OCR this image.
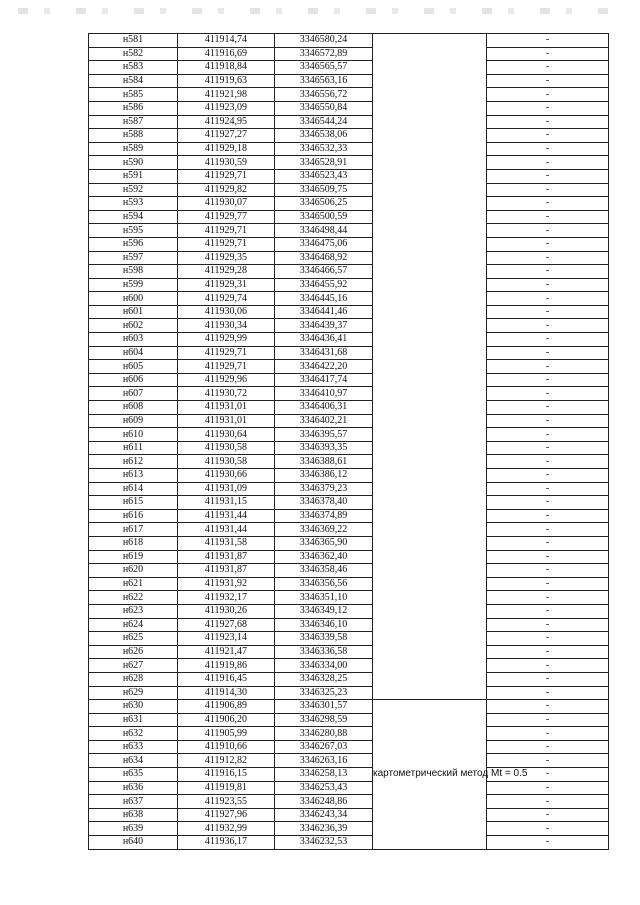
н581	411914,74	3346580,24		-
н582	411916,69	3346572,89		-
н583	411918,84	3346565,57		-
н584	411919,63	3346563,16		-
н585	411921,98	3346556,72		-
н586	411923,09	3346550,84		-
н587	411924,95	3346544,24		-
н588	411927,27	3346538,06		-
н589	411929,18	3346532,33		-
н590	411930,59	3346528,91		-
н591	411929,71	3346523,43		-
н592	411929,82	3346509,75		-
н593	411930,07	3346506,25		-
н594	411929,77	3346500,59		-
н595	411929,71	3346498,44		-
н596	411929,71	3346475,06		-
н597	411929,35	3346468,92		-
н598	411929,28	3346466,57		-
н599	411929,31	3346455,92		-
н600	411929,74	3346445,16		-
н601	411930,06	3346441,46		-
н602	411930,34	3346439,37		-
н603	411929,99	3346436,41		-
н604	411929,71	3346431,68		-
н605	411929,71	3346422,20		-
н606	411929,96	3346417,74		-
н607	411930,72	3346410,97		-
н608	411931,01	3346406,31		-
н609	411931,01	3346402,21		-
н610	411930,64	3346395,57		-
н611	411930,58	3346393,35		-
н612	411930,58	3346388,61		-
н613	411930,66	3346386,12		-
н614	411931,09	3346379,23		-
н615	411931,15	3346378,40		-
н616	411931,44	3346374,89		-
н617	411931,44	3346369,22		-
н618	411931,58	3346365,90		-
н619	411931,87	3346362,40		-
н620	411931,87	3346358,46		-
н621	411931,92	3346356,56		-
н622	411932,17	3346351,10		-
н623	411930,26	3346349,12		-
н624	411927,68	3346346,10		-
н625	411923,14	3346339,58		-
н626	411921,47	3346336,58		-
н627	411919,86	3346334,00		-
н628	411916,45	3346328,25		-
н629	411914,30	3346325,23		-
н630	411906,89	3346301,57	картометрический метод Mt = 0.5	-
н631	411906,20	3346298,59		-
н632	411905,99	3346280,88		-
н633	411910,66	3346267,03		-
н634	411912,82	3346263,16		-
н635	411916,15	3346258,13		-
н636	411919,81	3346253,43		-
н637	411923,55	3346248,86		-
н638	411927,96	3346243,34		-
н639	411932,99	3346236,39		-
н640	411936,17	3346232,53		-
